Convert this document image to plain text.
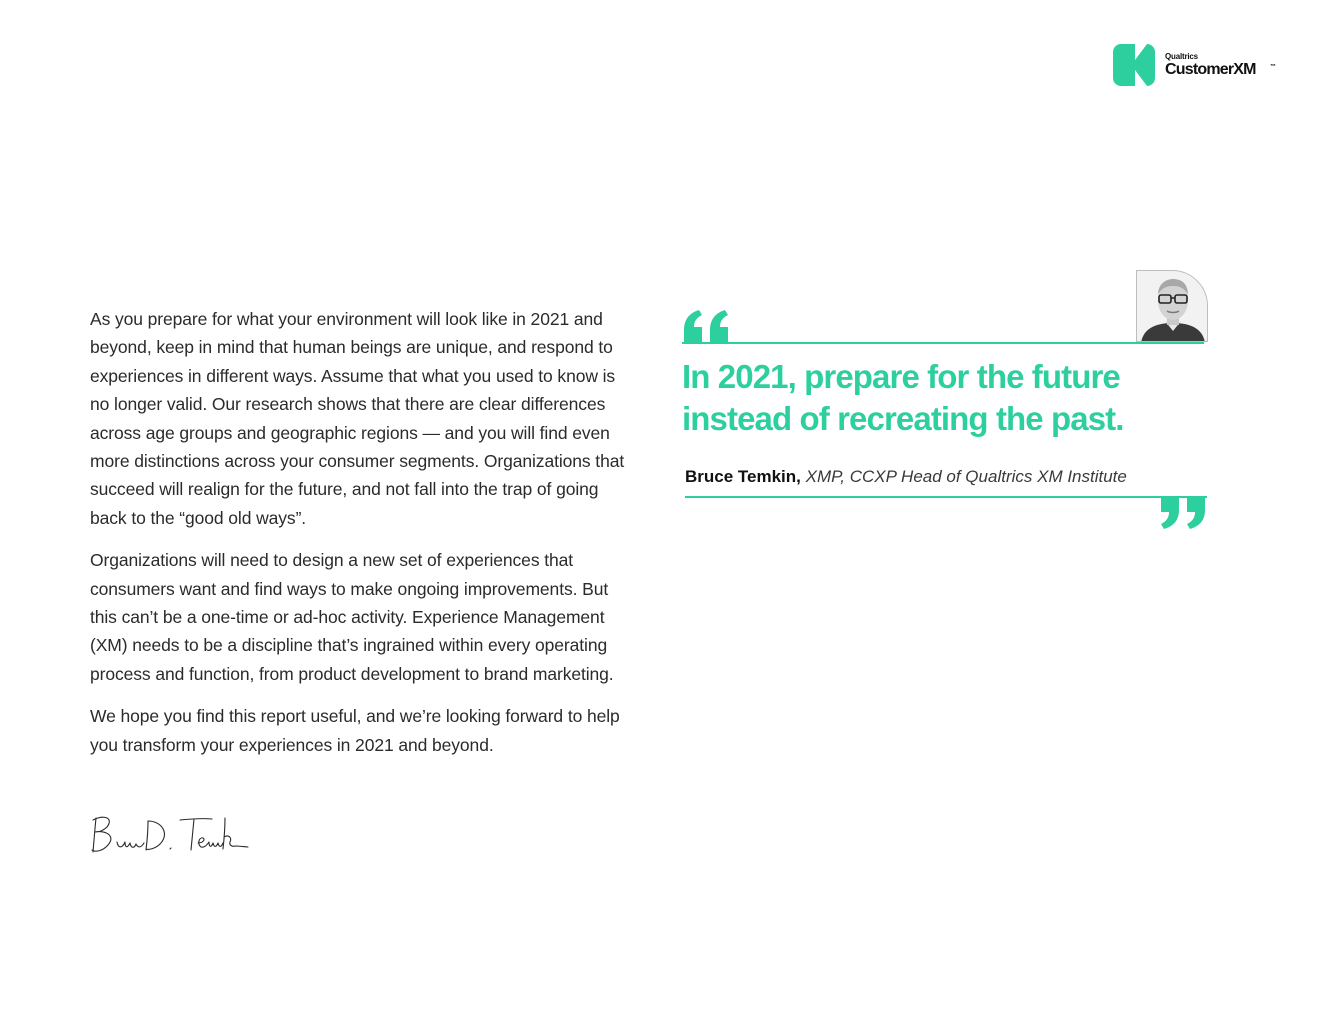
Qualtrics
CustomerXM ™

As you prepare for what your environment will look like in 2021 and beyond, keep in mind that human beings are unique, and respond to experiences in different ways. Assume that what you used to know is no longer valid. Our research shows that there are clear differences across age groups and geographic regions — and you will find even more distinctions across your consumer segments. Organizations that succeed will realign for the future, and not fall into the trap of going back to the “good old ways”.

Organizations will need to design a new set of experiences that consumers want and find ways to make ongoing improvements. But this can’t be a one-time or ad-hoc activity. Experience Management (XM) needs to be a discipline that’s ingrained within every operating process and function, from product development to brand marketing.

We hope you find this report useful, and we’re looking forward to help you transform your experiences in 2021 and beyond.

In 2021, prepare for the future instead of recreating the past.
Bruce Temkin, XMP, CCXP Head of Qualtrics XM Institute
